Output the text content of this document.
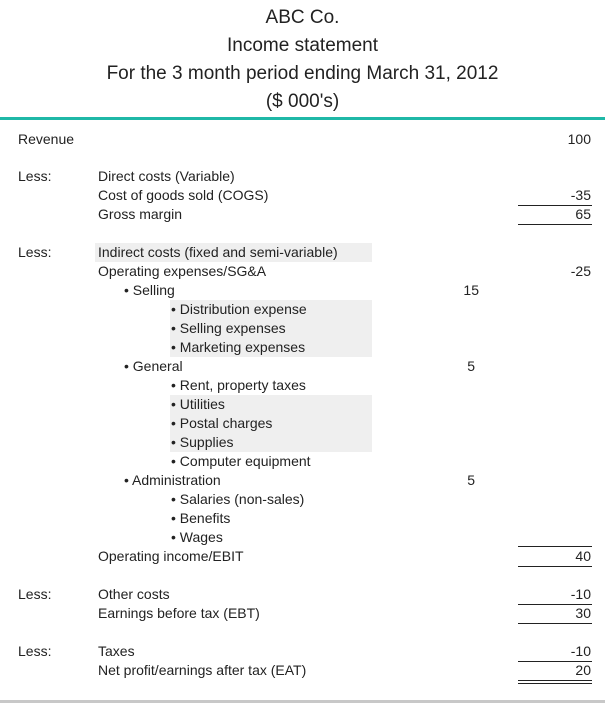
ABC Co.
Income statement
For the 3 month period ending March 31, 2012
($ 000's)
Revenue	100
Less:	Direct costs (Variable)
Cost of goods sold (COGS)	-35
Gross margin	65
Less:	Indirect costs (fixed and semi-variable)
Operating expenses/SG&A	-25
• Selling	15
• Distribution expense
• Selling expenses
• Marketing expenses
• General	5
• Rent, property taxes
• Utilities
• Postal charges
• Supplies
• Computer equipment
• Administration	5
• Salaries (non-sales)
• Benefits
• Wages
Operating income/EBIT	40
Less:	Other costs	-10
Earnings before tax (EBT)	30
Less:	Taxes	-10
Net profit/earnings after tax (EAT)	20
